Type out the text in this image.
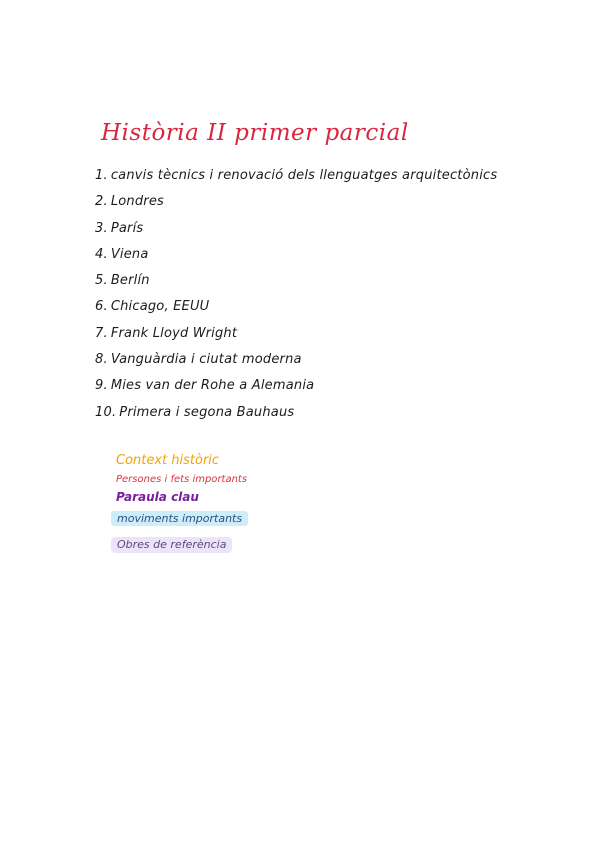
Història II primer parcial
1. canvis tècnics i renovació dels llenguatges arquitectònics
2. Londres
3. París
4. Viena
5. Berlín
6. Chicago, EEUU
7. Frank Lloyd Wright
8. Vanguàrdia i ciutat moderna
9. Mies van der Rohe a Alemania
10. Primera i segona Bauhaus
Context històric
Persones i fets importants
Paraula clau
moviments importants
Obres de referència
